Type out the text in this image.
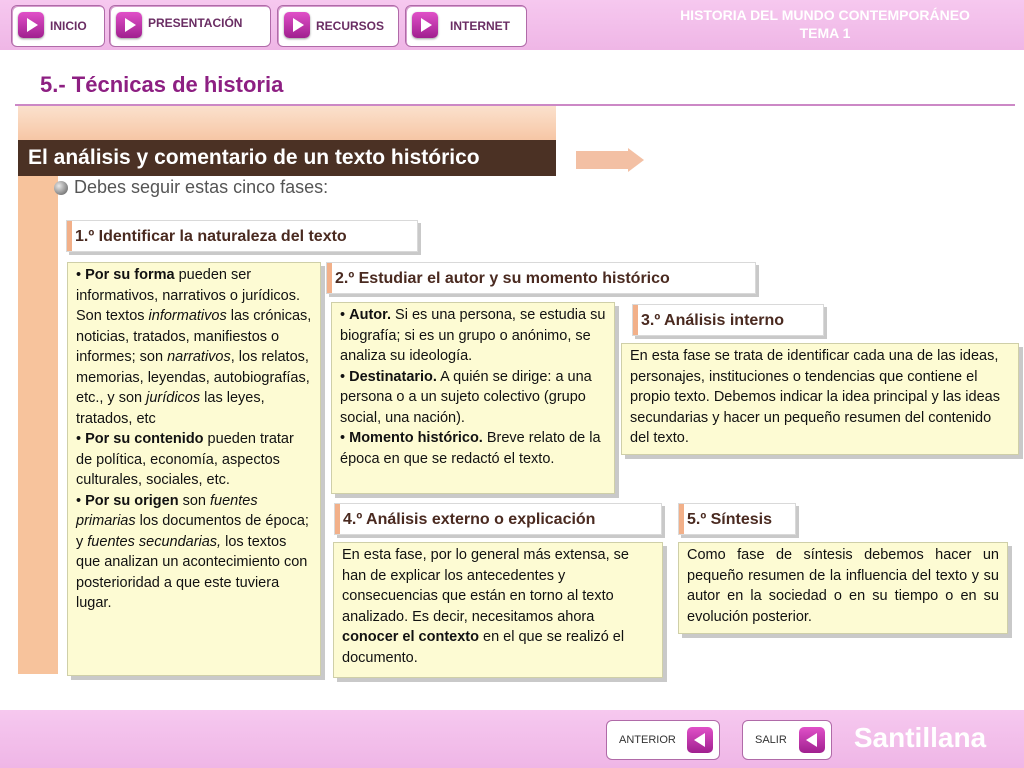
INICIO	PRESENTACIÓN	RECURSOS	INTERNET
HISTORIA DEL MUNDO CONTEMPORÁNEO
TEMA 1
5.- Técnicas de historia
El análisis y comentario de un texto histórico
Debes seguir estas cinco fases:
1.º Identificar la naturaleza del texto
• Por su forma pueden ser informativos, narrativos o jurídicos. Son textos informativos las crónicas, noticias, tratados, manifiestos o informes; son narrativos, los relatos, memorias, leyendas, autobiografías, etc., y son jurídicos las leyes, tratados, etc
• Por su contenido pueden tratar de política, economía, aspectos culturales, sociales, etc.
• Por su origen son fuentes primarias los documentos de época; y fuentes secundarias, los textos que analizan un acontecimiento con posterioridad a que este tuviera lugar.
2.º Estudiar el autor y su momento histórico
• Autor. Si es una persona, se estudia su biografía; si es un grupo o anónimo, se analiza su ideología.
• Destinatario. A quién se dirige: a una persona o a un sujeto colectivo (grupo social, una nación).
• Momento histórico. Breve relato de la época en que se redactó el texto.
3.º Análisis interno
En esta fase se trata de identificar cada una de las ideas, personajes, instituciones o tendencias que contiene el propio texto. Debemos indicar la idea principal y las ideas secundarias y hacer un pequeño resumen del contenido del texto.
4.º Análisis externo o explicación
En esta fase, por lo general más extensa, se han de explicar los antecedentes y consecuencias que están en torno al texto analizado. Es decir, necesitamos ahora conocer el contexto en el que se realizó el documento.
5.º Síntesis
Como fase de síntesis debemos hacer un pequeño resumen de la influencia del texto y su autor en la sociedad o en su tiempo o en su evolución posterior.
ANTERIOR	SALIR	Santillana
